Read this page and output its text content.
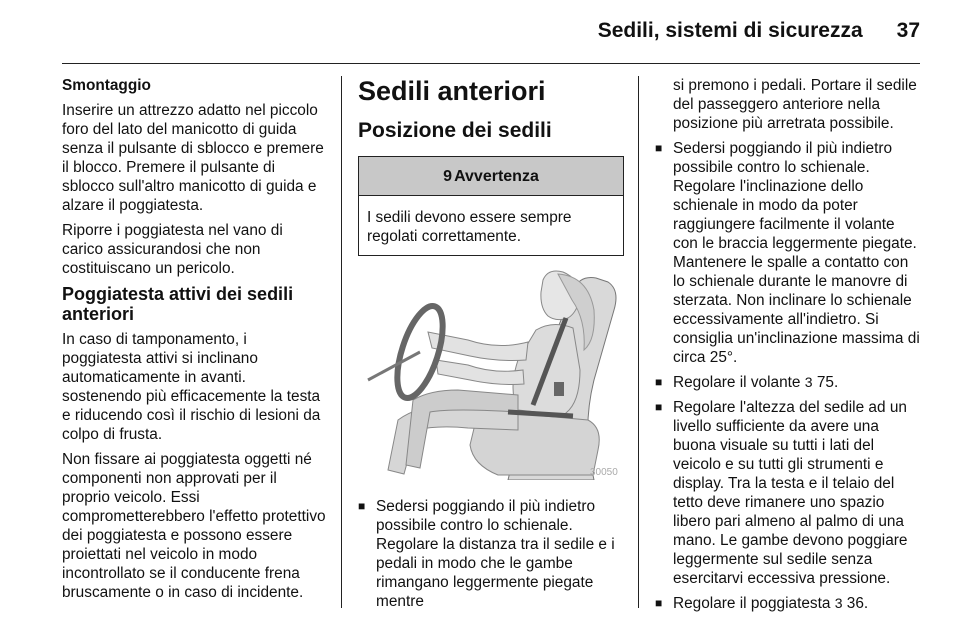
Sedili, sistemi di sicurezza 37

Smontaggio

Inserire un attrezzo adatto nel piccolo foro del lato del manicotto di guida senza il pulsante di sblocco e premere il blocco. Premere il pulsante di sblocco sull'altro manicotto di guida e alzare il poggiatesta.

Riporre i poggiatesta nel vano di carico assicurandosi che non costituiscano un pericolo.

Poggiatesta attivi dei sedili anteriori

In caso di tamponamento, i poggiatesta attivi si inclinano automaticamente in avanti. sostenendo più efficacemente la testa e riducendo così il rischio di lesioni da colpo di frusta.

Non fissare ai poggiatesta oggetti né componenti non approvati per il proprio veicolo. Essi comprometterebbero l'effetto protettivo dei poggiatesta e possono essere proiettati nel veicolo in modo incontrollato se il conducente frena bruscamente o in caso di incidente.

Sedili anteriori
Posizione dei sedili
9 Avvertenza
I sedili devono essere sempre regolati correttamente.
30050
■ Sedersi poggiando il più indietro possibile contro lo schienale. Regolare la distanza tra il sedile e i pedali in modo che le gambe rimangano leggermente piegate mentre
si premono i pedali. Portare il sedile del passeggero anteriore nella posizione più arretrata possibile.
■ Sedersi poggiando il più indietro possibile contro lo schienale. Regolare l'inclinazione dello schienale in modo da poter raggiungere facilmente il volante con le braccia leggermente piegate. Mantenere le spalle a contatto con lo schienale durante le manovre di sterzata. Non inclinare lo schienale eccessivamente all'indietro. Si consiglia un'inclinazione massima di circa 25°.
■ Regolare il volante 3 75.
■ Regolare l'altezza del sedile ad un livello sufficiente da avere una buona visuale su tutti i lati del veicolo e su tutti gli strumenti e display. Tra la testa e il telaio del tetto deve rimanere uno spazio libero pari almeno al palmo di una mano. Le gambe devono poggiare leggermente sul sedile senza esercitarvi eccessiva pressione.
■ Regolare il poggiatesta 3 36.
